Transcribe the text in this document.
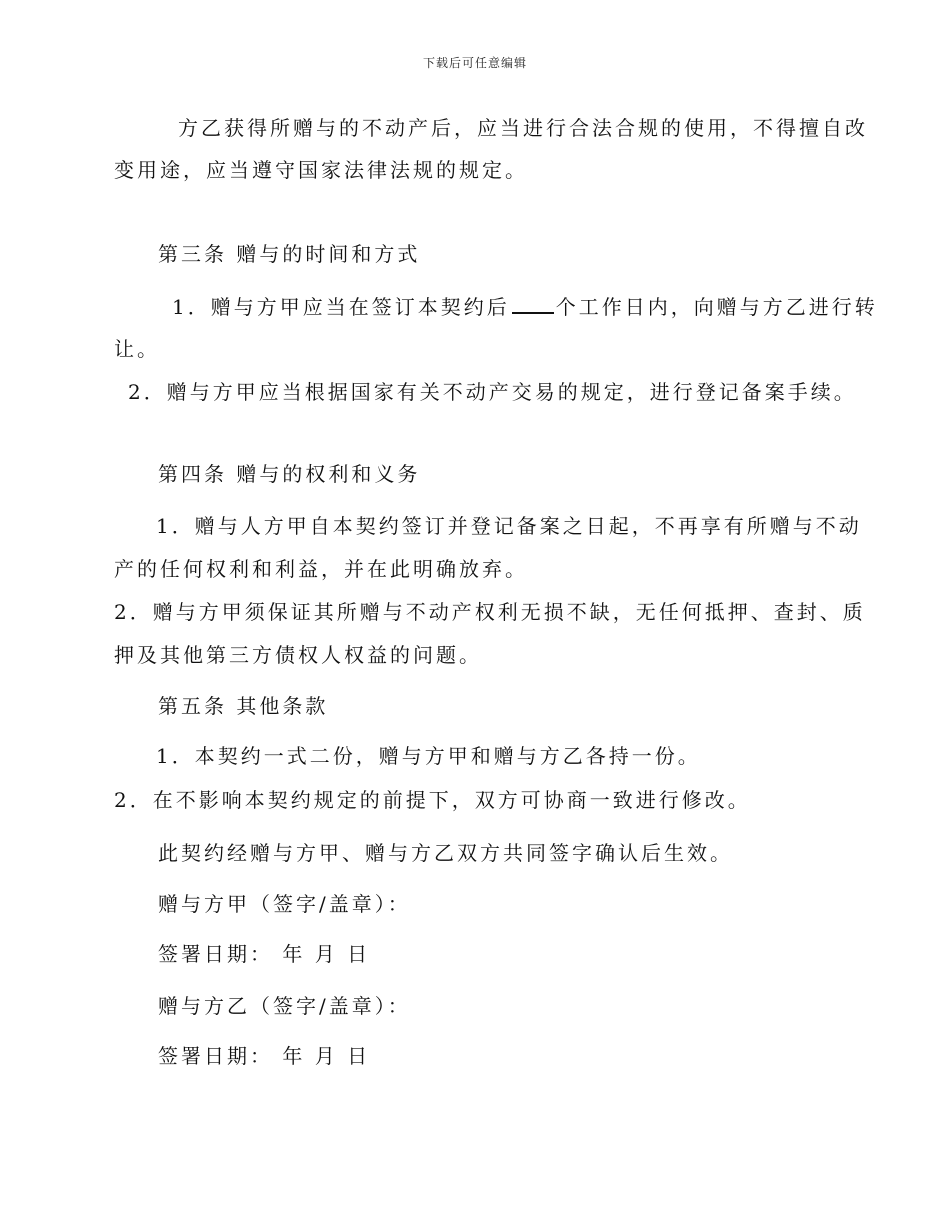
下载后可任意编辑
方乙获得所赠与的不动产后，应当进行合法合规的使用，不得擅自改
变用途，应当遵守国家法律法规的规定。
第三条 赠与的时间和方式
1．赠与方甲应当在签订本契约后 个工作日内，向赠与方乙进行转
让。
2．赠与方甲应当根据国家有关不动产交易的规定，进行登记备案手续。
第四条 赠与的权利和义务
1．赠与人方甲自本契约签订并登记备案之日起，不再享有所赠与不动
产的任何权利和利益，并在此明确放弃。
2．赠与方甲须保证其所赠与不动产权利无损不缺，无任何抵押、查封、质
押及其他第三方债权人权益的问题。
第五条 其他条款
1．本契约一式二份，赠与方甲和赠与方乙各持一份。
2．在不影响本契约规定的前提下，双方可协商一致进行修改。
此契约经赠与方甲、赠与方乙双方共同签字确认后生效。
赠与方甲（签字/盖章）：
签署日期： 年 月 日
赠与方乙（签字/盖章）：
签署日期： 年 月 日
